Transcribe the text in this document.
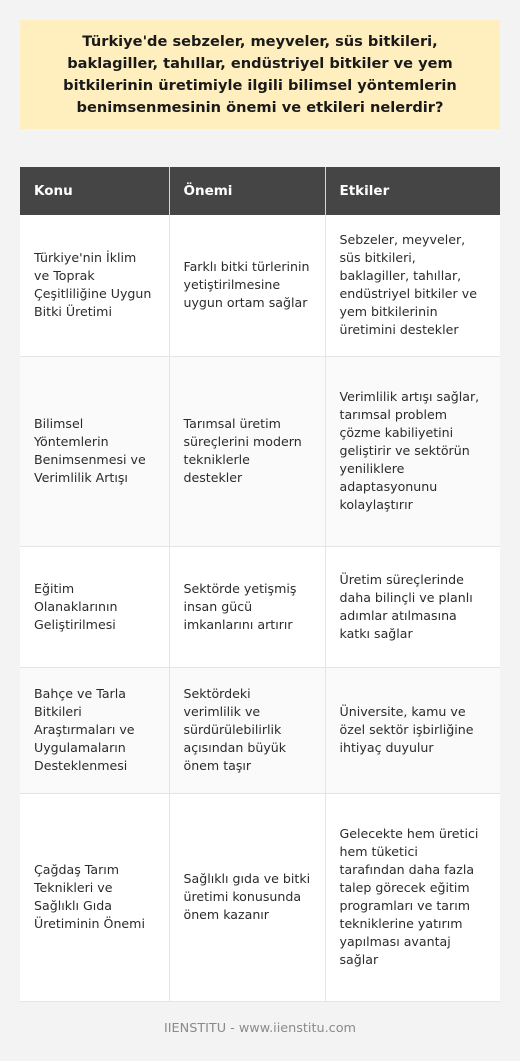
Türkiye'de sebzeler, meyveler, süs bitkileri, baklagiller, tahıllar, endüstriyel bitkiler ve yem bitkilerinin üretimiyle ilgili bilimsel yöntemlerin benimsenmesinin önemi ve etkileri nelerdir?
Konu	Önemi	Etkiler
Türkiye'nin İklim ve Toprak Çeşitliliğine Uygun Bitki Üretimi	Farklı bitki türlerinin yetiştirilmesine uygun ortam sağlar	Sebzeler, meyveler, süs bitkileri, baklagiller, tahıllar, endüstriyel bitkiler ve yem bitkilerinin üretimini destekler
Bilimsel Yöntemlerin Benimsenmesi ve Verimlilik Artışı	Tarımsal üretim süreçlerini modern tekniklerle destekler	Verimlilik artışı sağlar, tarımsal problem çözme kabiliyetini geliştirir ve sektörün yeniliklere adaptasyonunu kolaylaştırır
Eğitim Olanaklarının Geliştirilmesi	Sektörde yetişmiş insan gücü imkanlarını artırır	Üretim süreçlerinde daha bilinçli ve planlı adımlar atılmasına katkı sağlar
Bahçe ve Tarla Bitkileri Araştırmaları ve Uygulamaların Desteklenmesi	Sektördeki verimlilik ve sürdürülebilirlik açısından büyük önem taşır	Üniversite, kamu ve özel sektör işbirliğine ihtiyaç duyulur
Çağdaş Tarım Teknikleri ve Sağlıklı Gıda Üretiminin Önemi	Sağlıklı gıda ve bitki üretimi konusunda önem kazanır	Gelecekte hem üretici hem tüketici tarafından daha fazla talep görecek eğitim programları ve tarım tekniklerine yatırım yapılması avantaj sağlar
IIENSTITU - www.iienstitu.com
